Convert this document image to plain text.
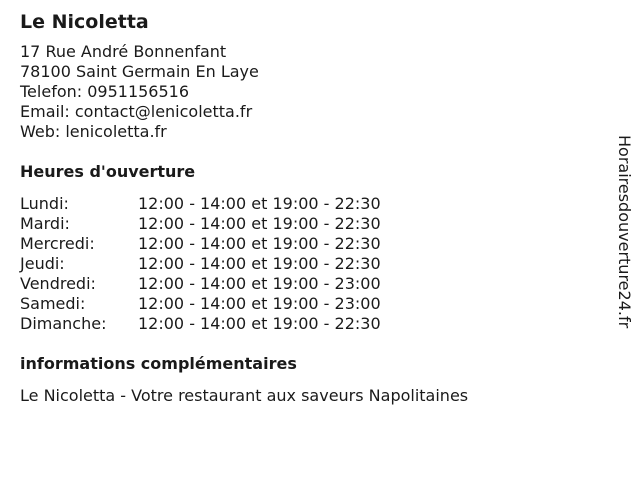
Le Nicoletta
17 Rue André Bonnenfant
78100 Saint Germain En Laye
Telefon: 0951156516
Email: contact@lenicoletta.fr
Web: lenicoletta.fr
Heures d'ouverture
Lundi:	12:00 - 14:00 et 19:00 - 22:30
Mardi:	12:00 - 14:00 et 19:00 - 22:30
Mercredi:	12:00 - 14:00 et 19:00 - 22:30
Jeudi:	12:00 - 14:00 et 19:00 - 22:30
Vendredi:	12:00 - 14:00 et 19:00 - 23:00
Samedi:	12:00 - 14:00 et 19:00 - 23:00
Dimanche:	12:00 - 14:00 et 19:00 - 22:30
informations complémentaires
Le Nicoletta - Votre restaurant aux saveurs Napolitaines
Horairesdouverture24.fr
